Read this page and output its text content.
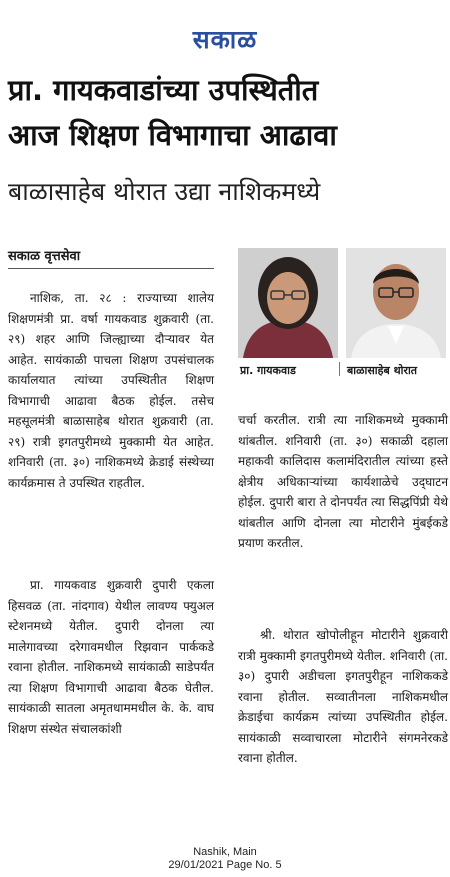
सकाळ
प्रा. गायकवाडांच्या उपस्थितीत
आज शिक्षण विभागाचा आढावा
बाळासाहेब थोरात उद्या नाशिकमध्ये
सकाळ वृत्तसेवा

नाशिक, ता. २८ : राज्याच्या शालेय शिक्षणमंत्री प्रा. वर्षा गायकवाड शुक्रवारी (ता. २९) शहर आणि जिल्ह्याच्या दौऱ्यावर येत आहेत. सायंकाळी पाचला शिक्षण उपसंचालक कार्यालयात त्यांच्या उपस्थितीत शिक्षण विभागाची आढावा बैठक होईल. तसेच महसूलमंत्री बाळासाहेब थोरात शुक्रवारी (ता. २९) रात्री इगतपुरीमध्ये मुक्कामी येत आहेत. शनिवारी (ता. ३०) नाशिकमध्ये क्रेडाई संस्थेच्या कार्यक्रमास ते उपस्थित राहतील.

प्रा. गायकवाड शुक्रवारी दुपारी एकला हिसवळ (ता. नांदगाव) येथील लावण्य फ्युअल स्टेशनमध्ये येतील. दुपारी दोनला त्या मालेगावच्या दरेगावमधील रिझवान पार्ककडे रवाना होतील. नाशिकमध्ये सायंकाळी साडेपर्यंत त्या शिक्षण विभागाची आढावा बैठक घेतील. सायंकाळी सातला अमृतधाममधील के. के. वाघ शिक्षण संस्थेत संचालकांशी

प्रा. गायकवाड	बाळासाहेब थोरात

चर्चा करतील. रात्री त्या नाशिकमध्ये मुक्कामी थांबतील. शनिवारी (ता. ३०) सकाळी दहाला महाकवी कालिदास कलामंदिरातील त्यांच्या हस्ते क्षेत्रीय अधिकाऱ्यांच्या कार्यशाळेचे उद्‌घाटन होईल. दुपारी बारा ते दोनपर्यंत त्या सिद्धपिंप्री येथे थांबतील आणि दोनला त्या मोटारीने मुंबईकडे प्रयाण करतील.

श्री. थोरात खोपोलीहून मोटारीने शुक्रवारी रात्री मुक्कामी इगतपुरीमध्ये येतील. शनिवारी (ता. ३०) दुपारी अडीचला इगतपुरीहून नाशिककडे रवाना होतील. सव्वातीनला नाशिकमधील क्रेडाईचा कार्यक्रम त्यांच्या उपस्थितीत होईल. सायंकाळी सव्वाचारला मोटारीने संगमनेरकडे रवाना होतील.

Nashik, Main
29/01/2021 Page No. 5
